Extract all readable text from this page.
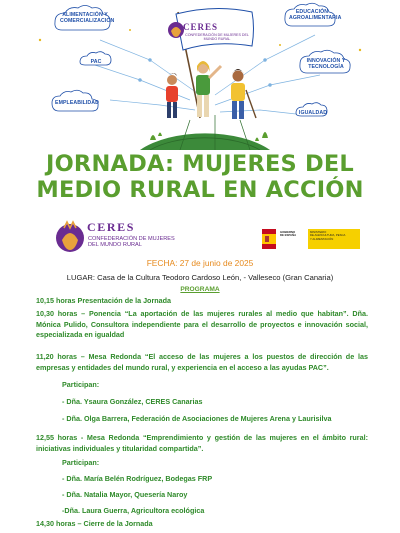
ALIMENTACIÓN Y COMERCIALIZACIÓN
EDUCACIÓN AGROALIMENTARIA
PAC	INNOVACIÓN Y TECNOLOGÍA
EMPLEABILIDAD
IGUALDAD
CERES
CONFEDERACIÓN DE MUJERES DEL MUNDO RURAL
JORNADA: MUJERES DEL
MEDIO RURAL EN ACCIÓN
CERES
CONFEDERACIÓN DE MUJERES
DEL MUNDO RURAL
GOBIERNO
DE ESPAÑA
MINISTERIO
DE AGRICULTURA, PESCA
Y ALIMENTACIÓN
FECHA: 27 de junio de 2025
LUGAR: Casa de la Cultura Teodoro Cardoso León, - Valleseco (Gran Canaria)
PROGRAMA
10,15 horas Presentación de la Jornada
10,30 horas – Ponencia “La aportación de las mujeres rurales al medio que habitan”. Dña. Mónica Pulido, Consultora independiente para el desarrollo de proyectos e innovación social, especializada en igualdad
11,20 horas – Mesa Redonda “El acceso de las mujeres a los puestos de dirección de las empresas y entidades del mundo rural, y experiencia en el acceso a las ayudas PAC”.
Participan:
- Dña. Ysaura González, CERES Canarias
- Dña. Olga Barrera, Federación de Asociaciones de Mujeres Arena y Laurisilva
12,55 horas - Mesa Redonda “Emprendimiento y gestión de las mujeres en el ámbito rural: iniciativas individuales y titularidad compartida”.
Participan:
- Dña. María Belén Rodríguez, Bodegas FRP
- Dña. Natalia Mayor, Quesería Naroy
-Dña. Laura Guerra, Agricultora ecológica
14,30 horas – Cierre de la Jornada
